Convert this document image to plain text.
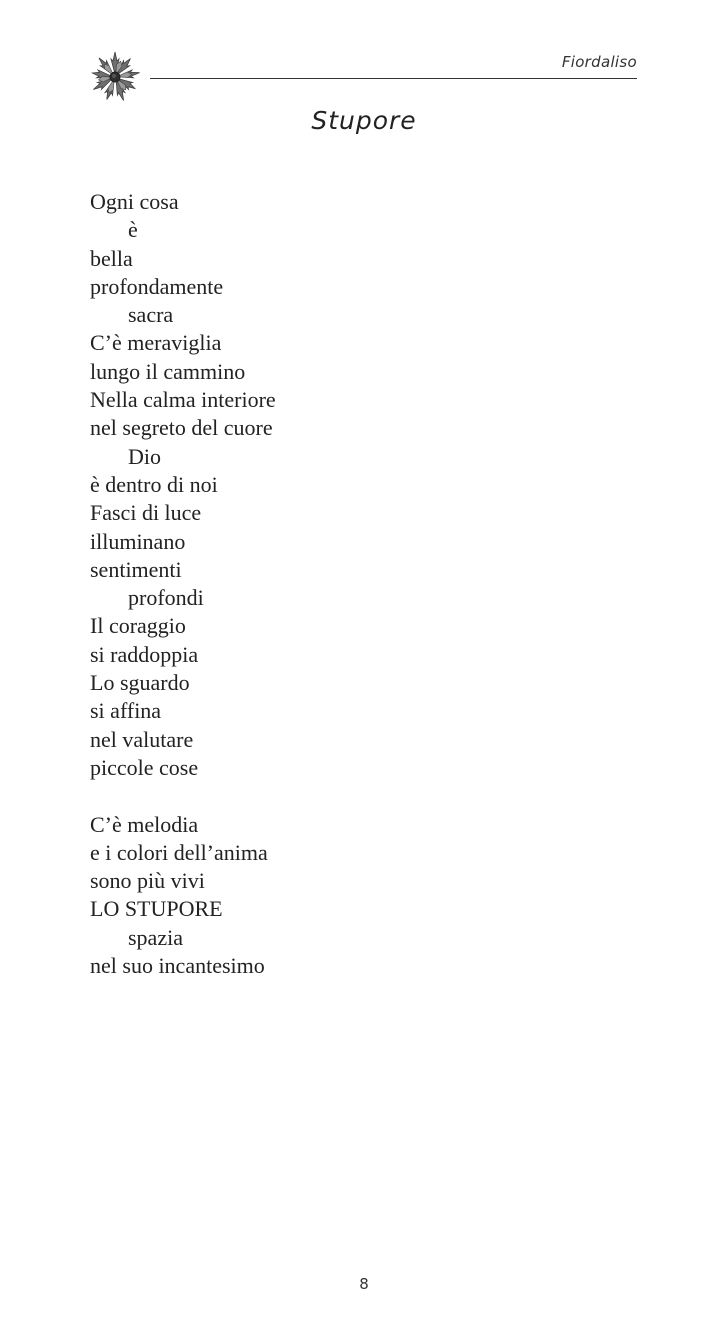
Fiordaliso
Stupore
Ogni cosa
è
bella
profondamente
sacra
C’è meraviglia
lungo il cammino
Nella calma interiore
nel segreto del cuore
Dio
è dentro di noi
Fasci di luce
illuminano
sentimenti
profondi
Il coraggio
si raddoppia
Lo sguardo
si affina
nel valutare
piccole cose
C’è melodia
e i colori dell’anima
sono più vivi
LO STUPORE
spazia
nel suo incantesimo
8
